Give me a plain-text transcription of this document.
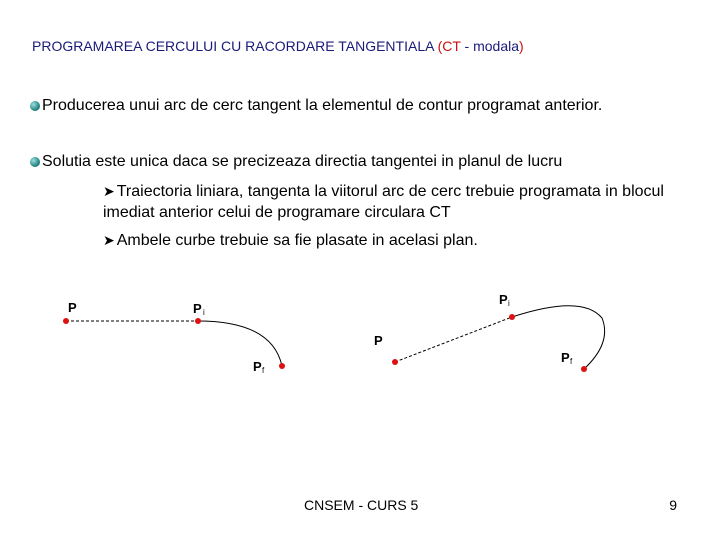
PROGRAMAREA CERCULUI CU RACORDARE TANGENTIALA (CT - modala)
Producerea unui arc de cerc tangent la elementul de contur programat anterior.
Solutia este unica daca se precizeaza directia tangentei in planul de lucru
➤ Traiectoria liniara, tangenta la viitorul arc de cerc trebuie programata in blocul imediat anterior celui de programare circulara CT
➤ Ambele curbe trebuie sa fie plasate in acelasi plan.
P	P i
P f
P i
P
P f
CNSEM - CURS 5	9
